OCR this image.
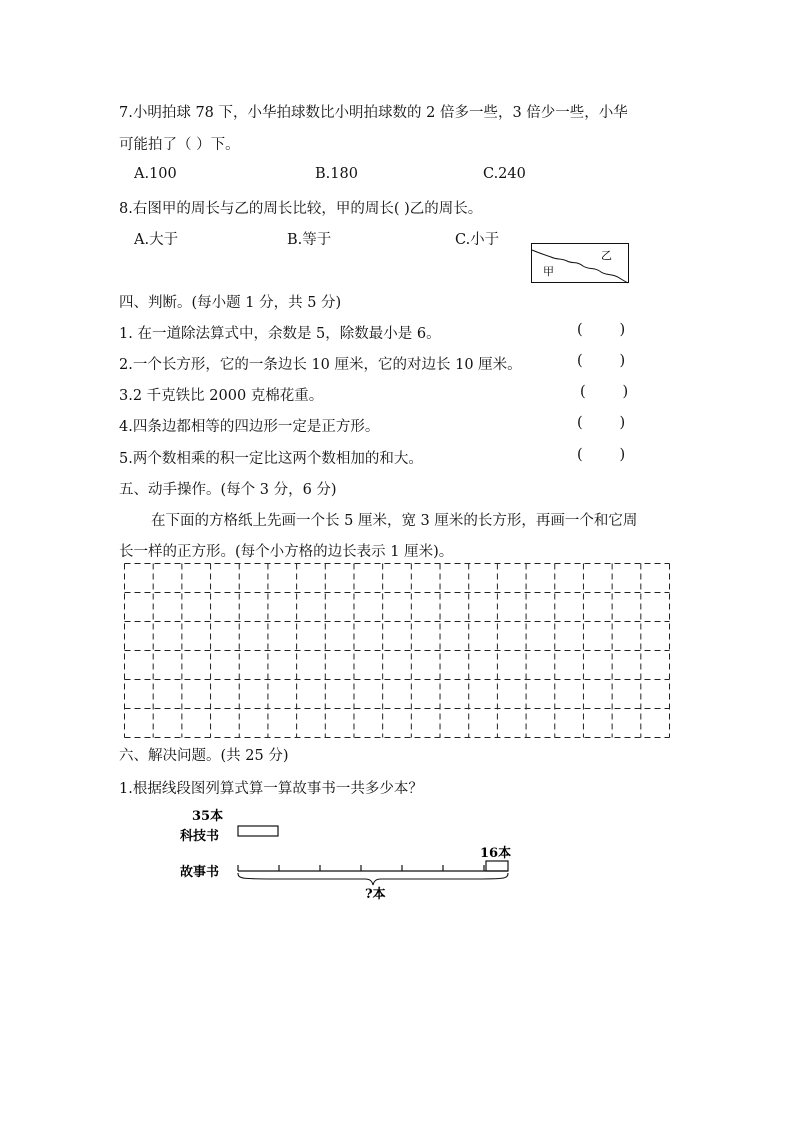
7.小明拍球 78 下，小华拍球数比小明拍球数的 2 倍多一些，3 倍少一些，小华
可能拍了（ ）下。
A.100	B.180	C.240
8.右图甲的周长与乙的周长比较，甲的周长( )乙的周长。
A.大于	B.等于	C.小于
甲
乙
四、判断。(每小题 1 分，共 5 分)
1. 在一道除法算式中，余数是 5，除数最小是 6。	(        )
2.一个长方形，它的一条边长 10 厘米，它的对边长 10 厘米。	(        )
3.2 千克铁比 2000 克棉花重。	(        )
4.四条边都相等的四边形一定是正方形。	(        )
5.两个数相乘的积一定比这两个数相加的和大。	(        )
五、动手操作。(每个 3 分，6 分)
在下面的方格纸上先画一个长 5 厘米，宽 3 厘米的长方形，再画一个和它周
长一样的正方形。(每个小方格的边长表示 1 厘米)。
六、解决问题。(共 25 分)
1.根据线段图列算式算一算故事书一共多少本？
35本
科技书
16本
故事书
?本
